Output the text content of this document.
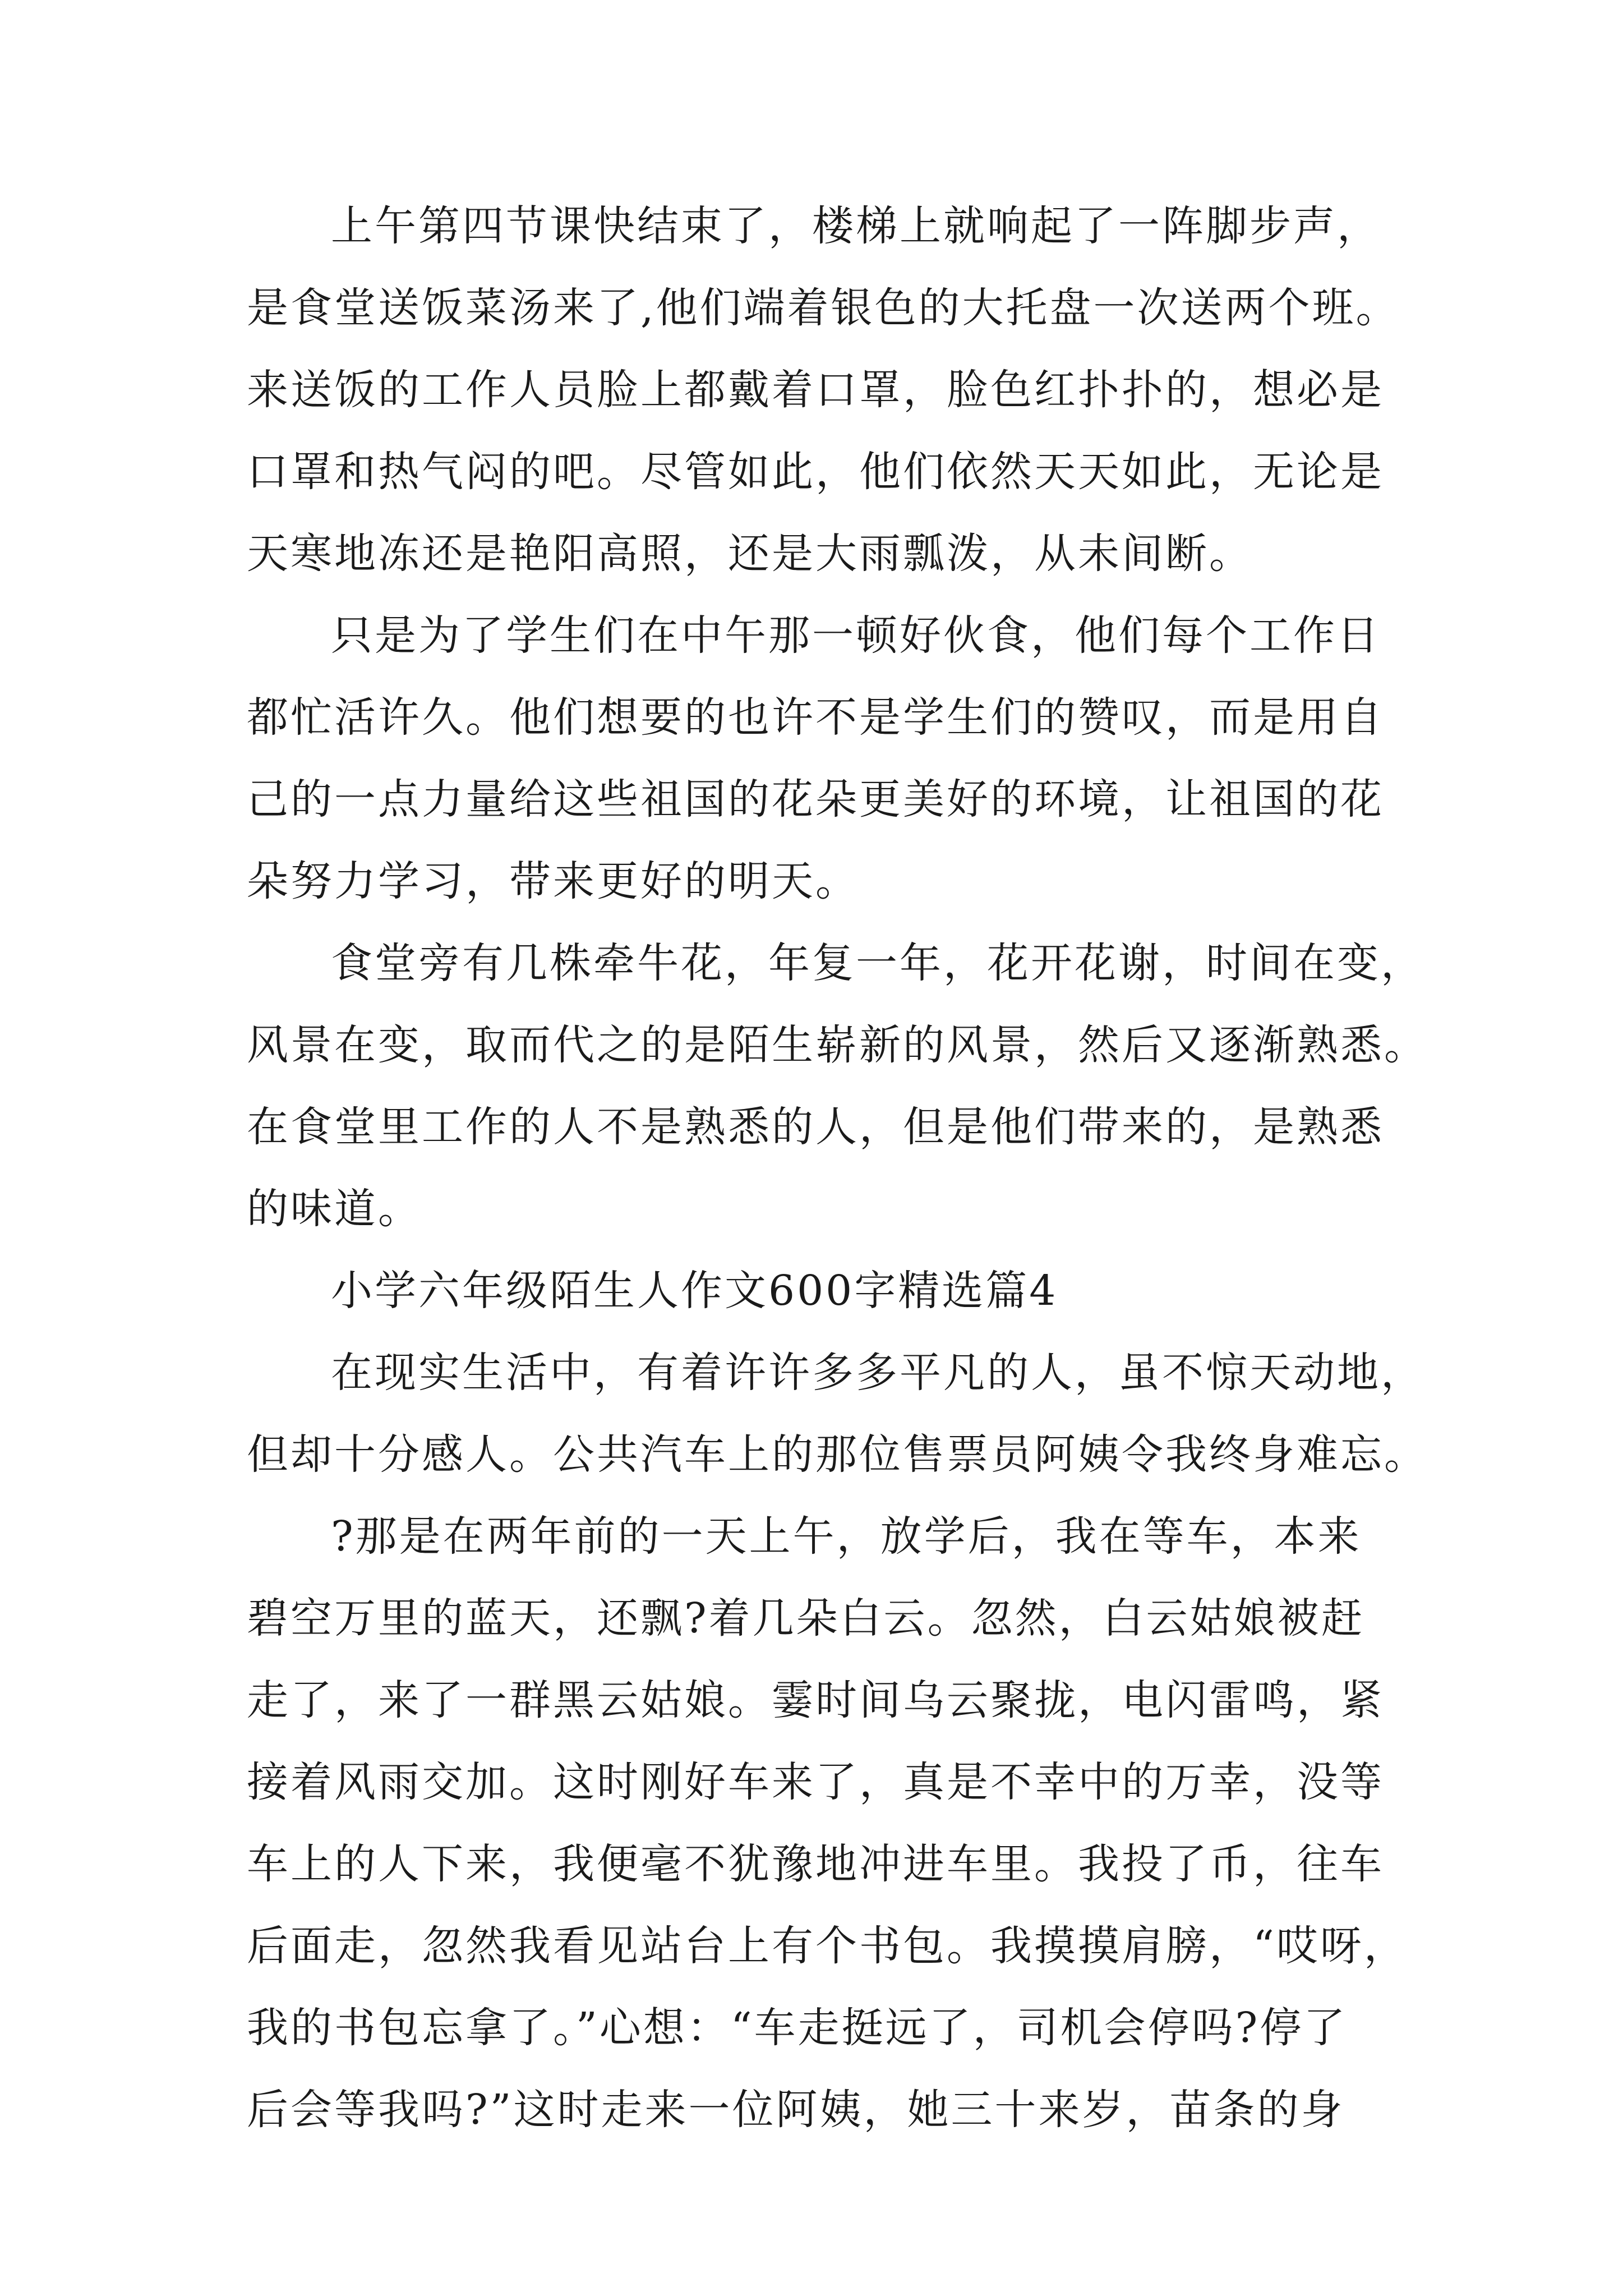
上午第四节课快结束了，楼梯上就响起了一阵脚步声，
是食堂送饭菜汤来了,他们端着银色的大托盘一次送两个班。
来送饭的工作人员脸上都戴着口罩，脸色红扑扑的，想必是
口罩和热气闷的吧。尽管如此，他们依然天天如此，无论是
天寒地冻还是艳阳高照，还是大雨瓢泼，从未间断。
只是为了学生们在中午那一顿好伙食，他们每个工作日
都忙活许久。他们想要的也许不是学生们的赞叹，而是用自
己的一点力量给这些祖国的花朵更美好的环境，让祖国的花
朵努力学习，带来更好的明天。
食堂旁有几株牵牛花，年复一年，花开花谢，时间在变，
风景在变，取而代之的是陌生崭新的风景，然后又逐渐熟悉。
在食堂里工作的人不是熟悉的人，但是他们带来的，是熟悉
的味道。
小学六年级陌生人作文600字精选篇4
在现实生活中，有着许许多多平凡的人，虽不惊天动地，
但却十分感人。公共汽车上的那位售票员阿姨令我终身难忘。
?那是在两年前的一天上午，放学后，我在等车，本来
碧空万里的蓝天，还飘?着几朵白云。忽然，白云姑娘被赶
走了，来了一群黑云姑娘。霎时间乌云聚拢，电闪雷鸣，紧
接着风雨交加。这时刚好车来了，真是不幸中的万幸，没等
车上的人下来，我便毫不犹豫地冲进车里。我投了币，往车
后面走，忽然我看见站台上有个书包。我摸摸肩膀，“哎呀，
我的书包忘拿了。”心想：“车走挺远了，司机会停吗?停了
后会等我吗?”这时走来一位阿姨，她三十来岁，苗条的身
